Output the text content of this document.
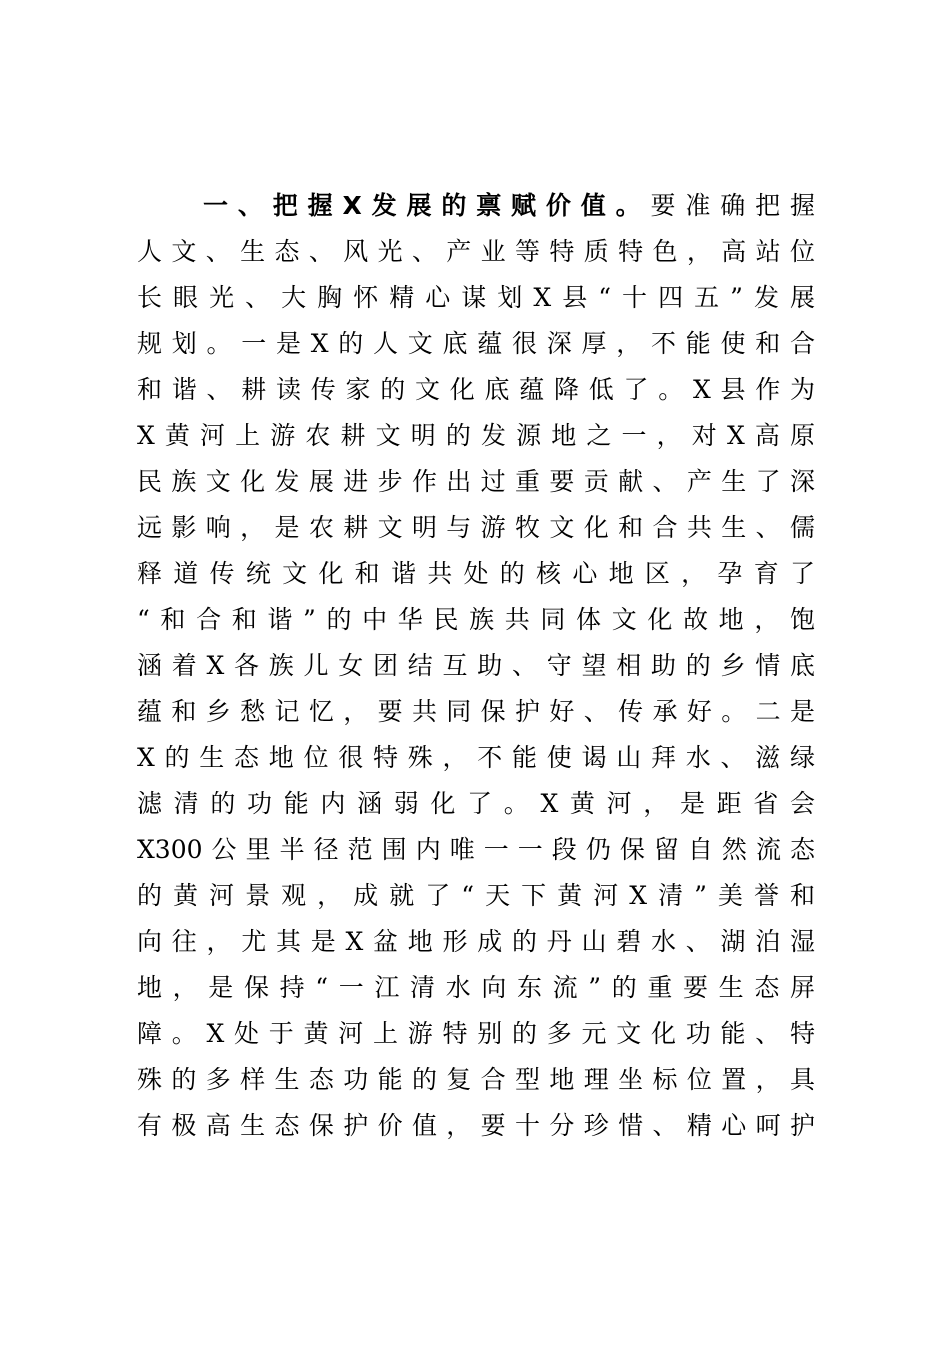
一、把握X发展的禀赋价值。要准确把握
人文、生态、风光、产业等特质特色，高站位
长眼光、大胸怀精心谋划X县“十四五”发展
规划。一是X的人文底蕴很深厚，不能使和合
和谐、耕读传家的文化底蕴降低了。X县作为
X黄河上游农耕文明的发源地之一，对X高原
民族文化发展进步作出过重要贡献、产生了深
远影响，是农耕文明与游牧文化和合共生、儒
释道传统文化和谐共处的核心地区，孕育了
“和合和谐”的中华民族共同体文化故地，饱
涵着X各族儿女团结互助、守望相助的乡情底
蕴和乡愁记忆，要共同保护好、传承好。二是
X的生态地位很特殊，不能使谒山拜水、滋绿
滤清的功能内涵弱化了。X黄河，是距省会
X300公里半径范围内唯一一段仍保留自然流态
的黄河景观，成就了“天下黄河X清”美誉和
向往，尤其是X盆地形成的丹山碧水、湖泊湿
地，是保持“一江清水向东流”的重要生态屏
障。X处于黄河上游特别的多元文化功能、特
殊的多样生态功能的复合型地理坐标位置，具
有极高生态保护价值，要十分珍惜、精心呵护
